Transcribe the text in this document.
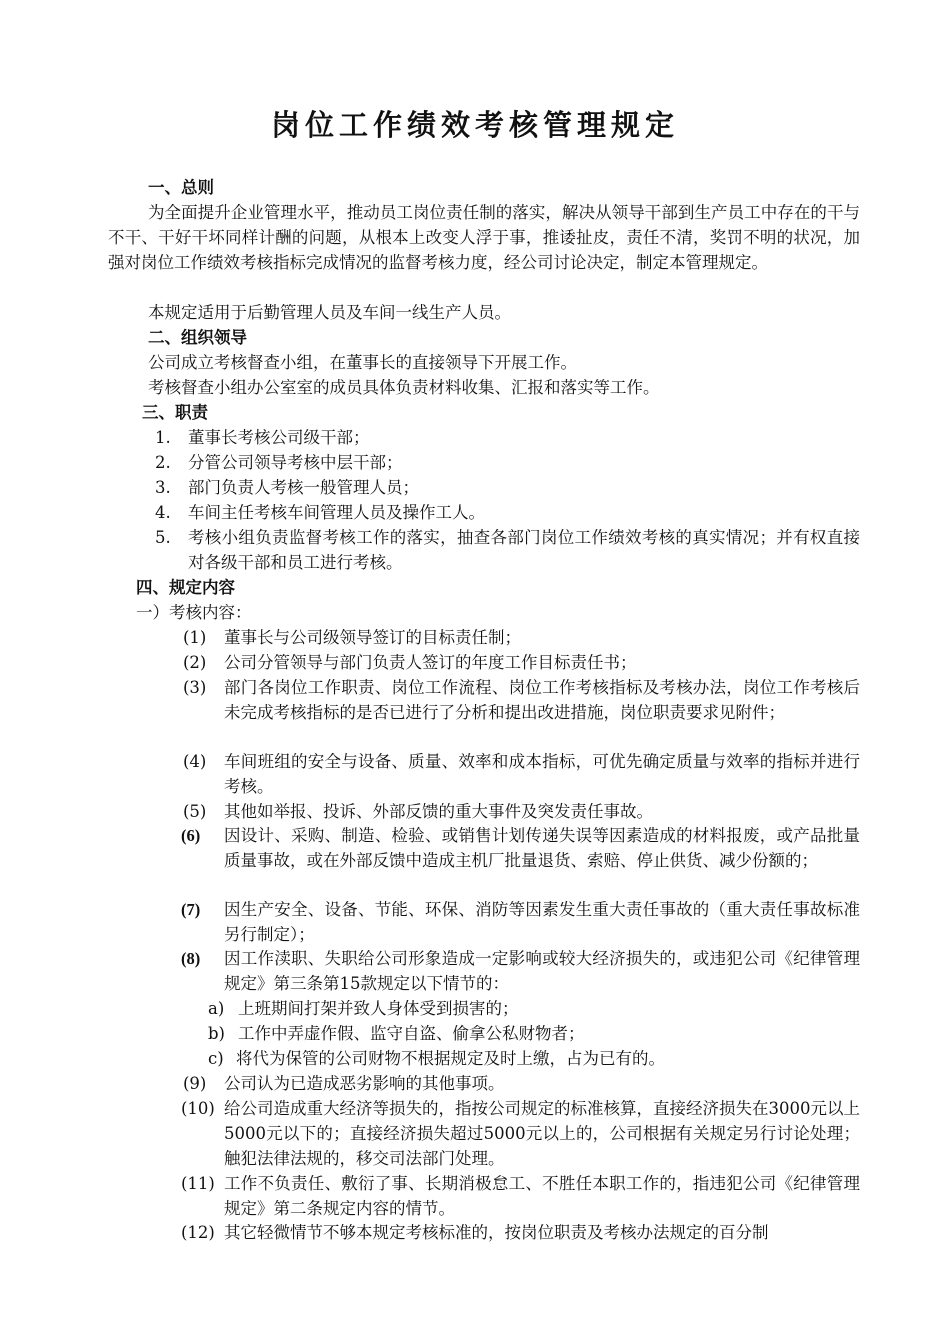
岗位工作绩效考核管理规定
一、总则
为全面提升企业管理水平，推动员工岗位责任制的落实，解决从领导干部到生产员工中存在的干与不干、干好干坏同样计酬的问题，从根本上改变人浮于事，推诿扯皮，责任不清，奖罚不明的状况，加强对岗位工作绩效考核指标完成情况的监督考核力度，经公司讨论决定，制定本管理规定。
本规定适用于后勤管理人员及车间一线生产人员。
二、组织领导
公司成立考核督查小组，在董事长的直接领导下开展工作。
考核督查小组办公室室的成员具体负责材料收集、汇报和落实等工作。
三、职责
1. 董事长考核公司级干部；
2. 分管公司领导考核中层干部；
3. 部门负责人考核一般管理人员；
4. 车间主任考核车间管理人员及操作工人。
5. 考核小组负责监督考核工作的落实，抽查各部门岗位工作绩效考核的真实情况；并有权直接对各级干部和员工进行考核。
四、规定内容
一）考核内容：
(1) 董事长与公司级领导签订的目标责任制；
(2) 公司分管领导与部门负责人签订的年度工作目标责任书；
(3) 部门各岗位工作职责、岗位工作流程、岗位工作考核指标及考核办法，岗位工作考核后未完成考核指标的是否已进行了分析和提出改进措施，岗位职责要求见附件；
(4) 车间班组的安全与设备、质量、效率和成本指标，可优先确定质量与效率的指标并进行考核。
(5) 其他如举报、投诉、外部反馈的重大事件及突发责任事故。
(6) 因设计、采购、制造、检验、或销售计划传递失误等因素造成的材料报废，或产品批量质量事故，或在外部反馈中造成主机厂批量退货、索赔、停止供货、减少份额的；
(7) 因生产安全、设备、节能、环保、消防等因素发生重大责任事故的（重大责任事故标准另行制定）；
(8) 因工作渎职、失职给公司形象造成一定影响或较大经济损失的，或违犯公司《纪律管理规定》第三条第15款规定以下情节的：
a) 上班期间打架并致人身体受到损害的；
b) 工作中弄虚作假、监守自盗、偷拿公私财物者；
c) 将代为保管的公司财物不根据规定及时上缴，占为已有的。
(9) 公司认为已造成恶劣影响的其他事项。
(10) 给公司造成重大经济等损失的，指按公司规定的标准核算，直接经济损失在3000元以上5000元以下的；直接经济损失超过5000元以上的，公司根据有关规定另行讨论处理；触犯法律法规的，移交司法部门处理。
(11) 工作不负责任、敷衍了事、长期消极怠工、不胜任本职工作的，指违犯公司《纪律管理规定》第二条规定内容的情节。
(12) 其它轻微情节不够本规定考核标准的，按岗位职责及考核办法规定的百分制
